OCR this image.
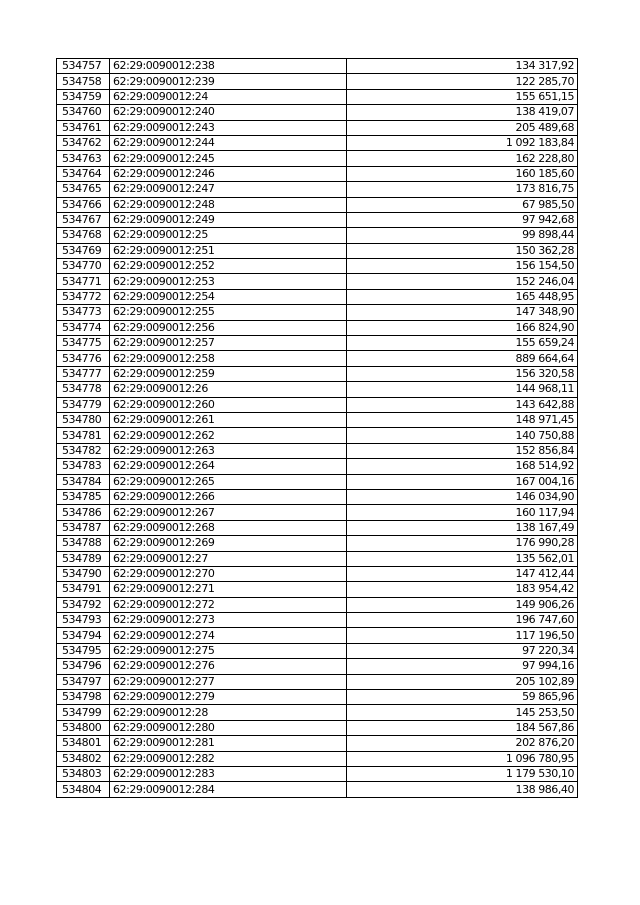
534757	62:29:0090012:238	134 317,92
534758	62:29:0090012:239	122 285,70
534759	62:29:0090012:24	155 651,15
534760	62:29:0090012:240	138 419,07
534761	62:29:0090012:243	205 489,68
534762	62:29:0090012:244	1 092 183,84
534763	62:29:0090012:245	162 228,80
534764	62:29:0090012:246	160 185,60
534765	62:29:0090012:247	173 816,75
534766	62:29:0090012:248	67 985,50
534767	62:29:0090012:249	97 942,68
534768	62:29:0090012:25	99 898,44
534769	62:29:0090012:251	150 362,28
534770	62:29:0090012:252	156 154,50
534771	62:29:0090012:253	152 246,04
534772	62:29:0090012:254	165 448,95
534773	62:29:0090012:255	147 348,90
534774	62:29:0090012:256	166 824,90
534775	62:29:0090012:257	155 659,24
534776	62:29:0090012:258	889 664,64
534777	62:29:0090012:259	156 320,58
534778	62:29:0090012:26	144 968,11
534779	62:29:0090012:260	143 642,88
534780	62:29:0090012:261	148 971,45
534781	62:29:0090012:262	140 750,88
534782	62:29:0090012:263	152 856,84
534783	62:29:0090012:264	168 514,92
534784	62:29:0090012:265	167 004,16
534785	62:29:0090012:266	146 034,90
534786	62:29:0090012:267	160 117,94
534787	62:29:0090012:268	138 167,49
534788	62:29:0090012:269	176 990,28
534789	62:29:0090012:27	135 562,01
534790	62:29:0090012:270	147 412,44
534791	62:29:0090012:271	183 954,42
534792	62:29:0090012:272	149 906,26
534793	62:29:0090012:273	196 747,60
534794	62:29:0090012:274	117 196,50
534795	62:29:0090012:275	97 220,34
534796	62:29:0090012:276	97 994,16
534797	62:29:0090012:277	205 102,89
534798	62:29:0090012:279	59 865,96
534799	62:29:0090012:28	145 253,50
534800	62:29:0090012:280	184 567,86
534801	62:29:0090012:281	202 876,20
534802	62:29:0090012:282	1 096 780,95
534803	62:29:0090012:283	1 179 530,10
534804	62:29:0090012:284	138 986,40
